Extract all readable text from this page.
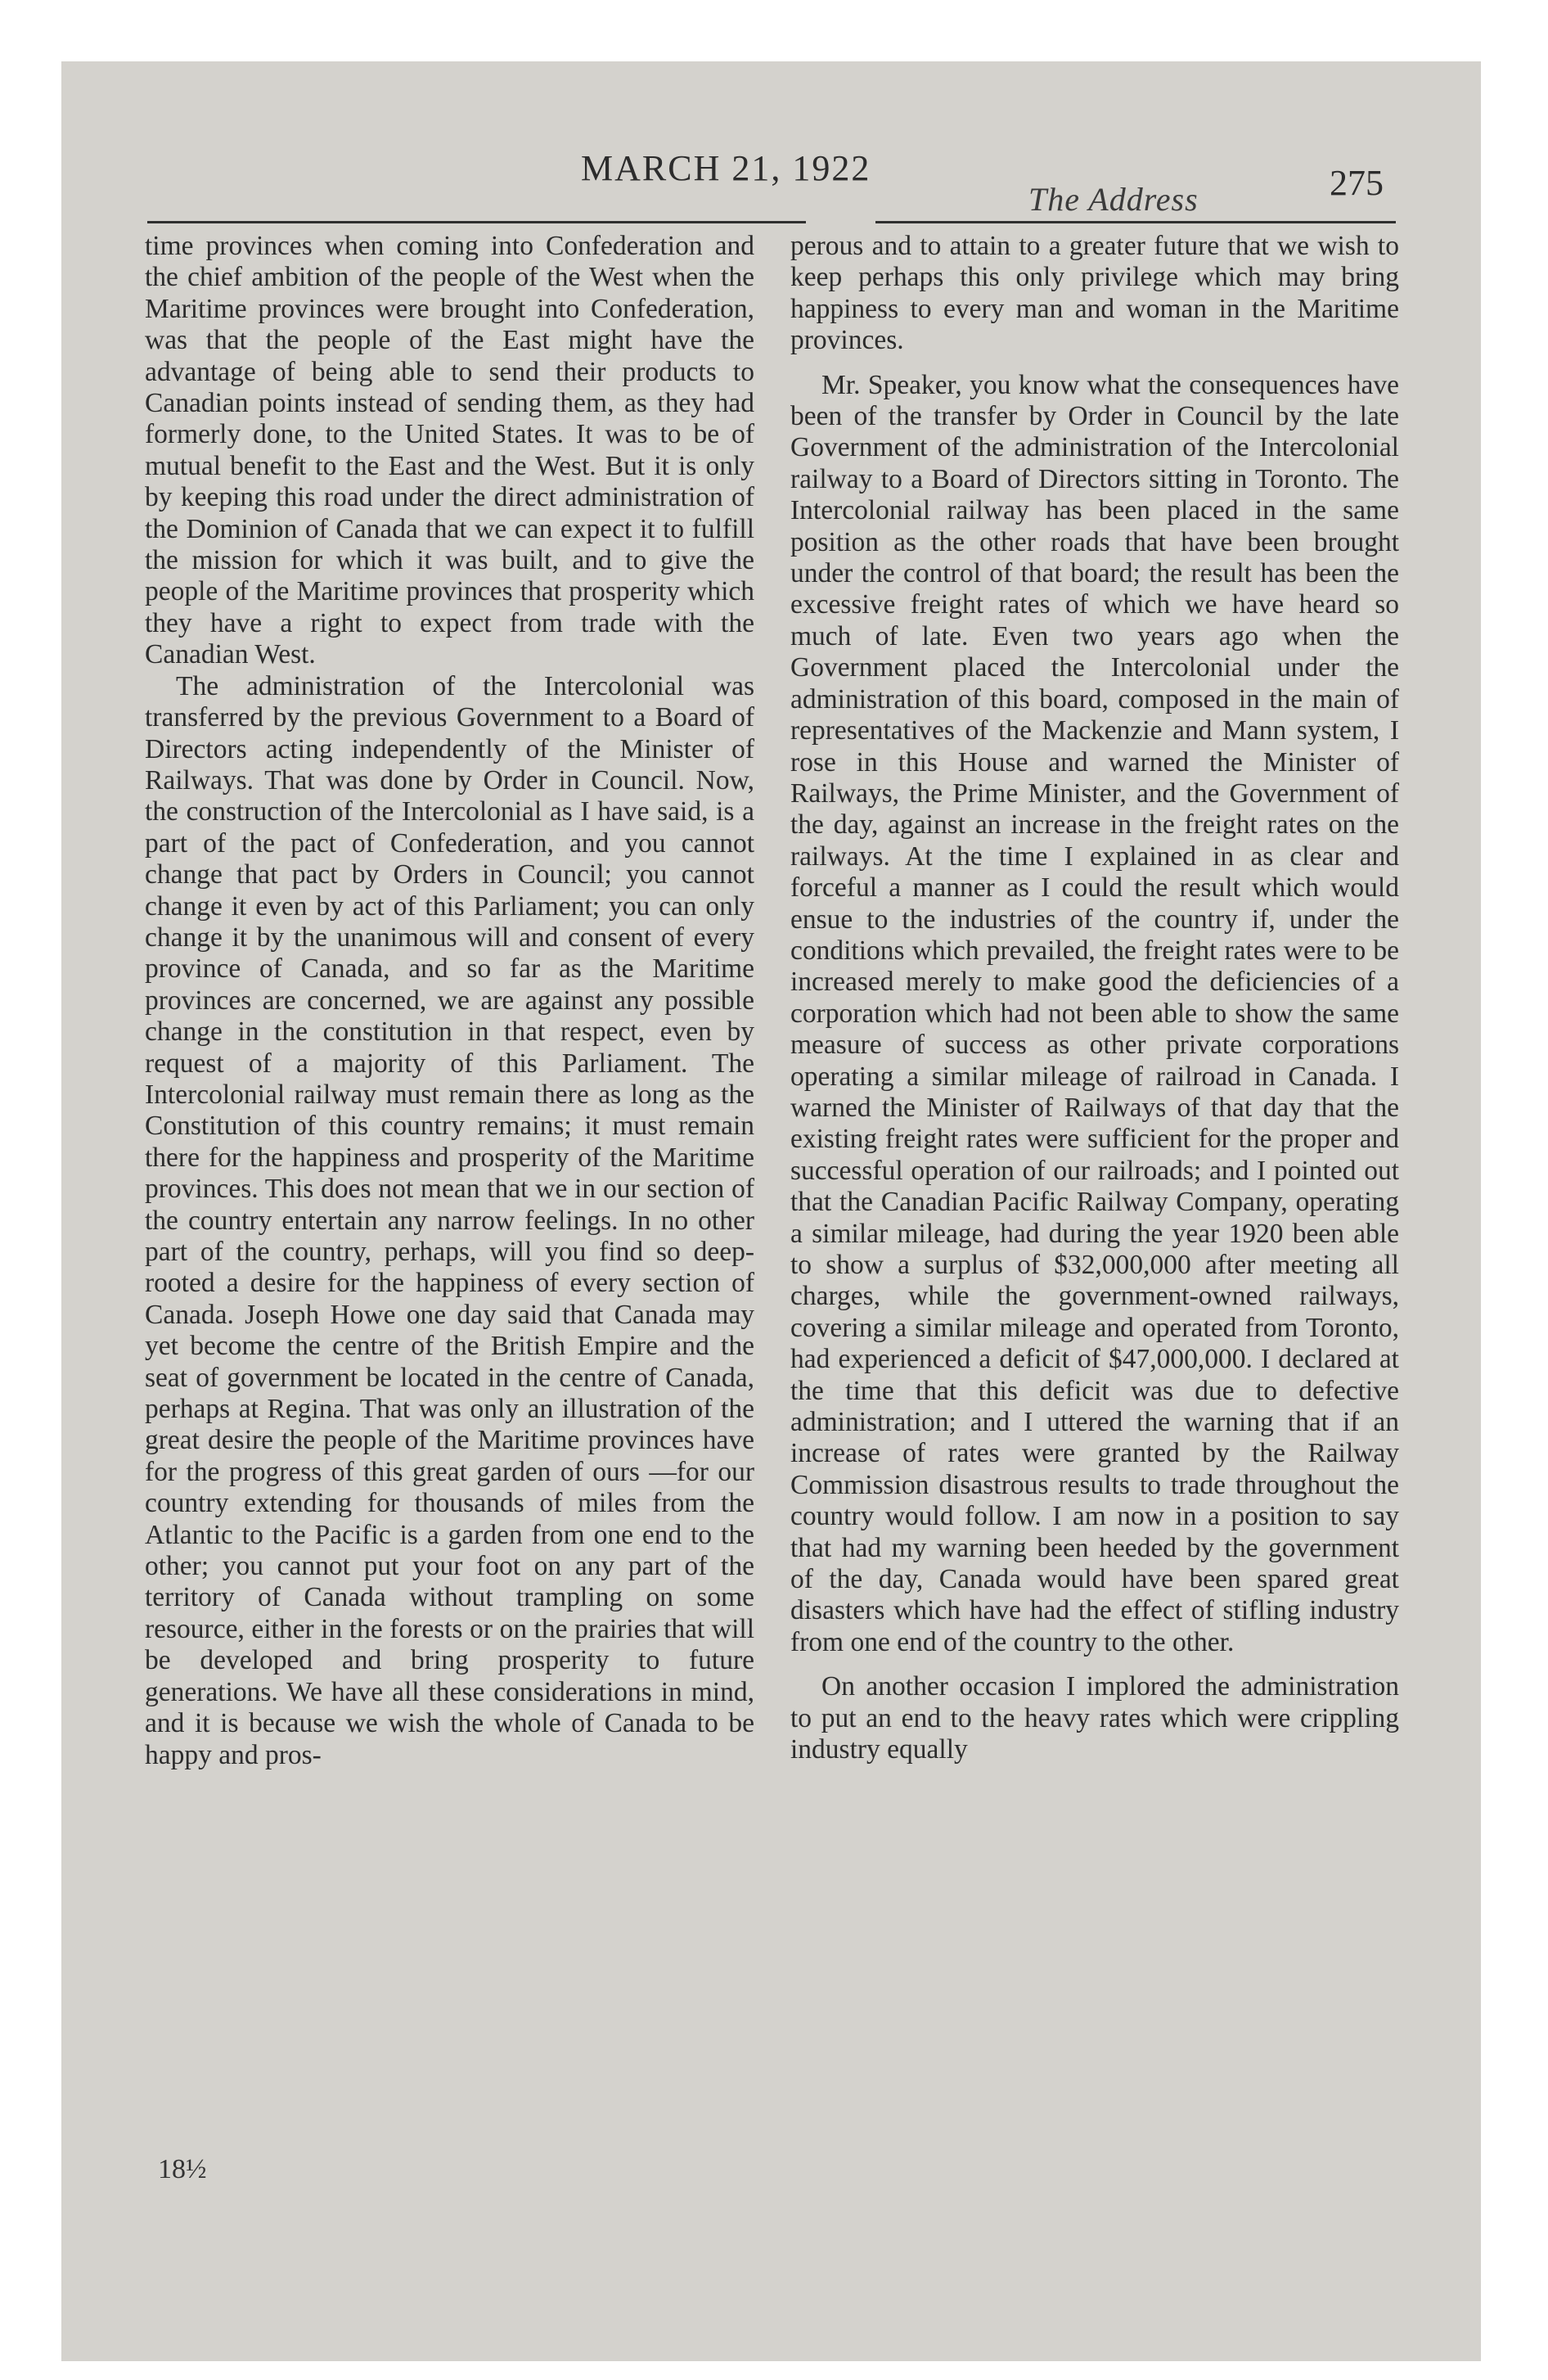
MARCH 21, 1922
The Address	275

time provinces when coming into Confederation and the chief ambition of the people of the West when the Maritime provinces were brought into Confederation, was that the people of the East might have the advantage of being able to send their products to Canadian points instead of sending them, as they had formerly done, to the United States. It was to be of mutual benefit to the East and the West. But it is only by keeping this road under the direct administration of the Dominion of Canada that we can expect it to fulfill the mission for which it was built, and to give the people of the Maritime provinces that prosperity which they have a right to expect from trade with the Canadian West.

The administration of the Intercolonial was transferred by the previous Government to a Board of Directors acting independently of the Minister of Railways. That was done by Order in Council. Now, the construction of the Intercolonial as I have said, is a part of the pact of Confederation, and you cannot change that pact by Orders in Council; you cannot change it even by act of this Parliament; you can only change it by the unanimous will and consent of every province of Canada, and so far as the Maritime provinces are concerned, we are against any possible change in the constitution in that respect, even by request of a majority of this Parliament. The Intercolonial railway must remain there as long as the Constitution of this country remains; it must remain there for the happiness and prosperity of the Maritime provinces. This does not mean that we in our section of the country entertain any narrow feelings. In no other part of the country, perhaps, will you find so deep-rooted a desire for the happiness of every section of Canada. Joseph Howe one day said that Canada may yet become the centre of the British Empire and the seat of government be located in the centre of Canada, perhaps at Regina. That was only an illustration of the great desire the people of the Maritime provinces have for the progress of this great garden of ours —for our country extending for thousands of miles from the Atlantic to the Pacific is a garden from one end to the other; you cannot put your foot on any part of the territory of Canada without trampling on some resource, either in the forests or on the prairies that will be developed and bring prosperity to future generations. We have all these considerations in mind, and it is because we wish the whole of Canada to be happy and pros-

perous and to attain to a greater future that we wish to keep perhaps this only privilege which may bring happiness to every man and woman in the Maritime provinces.

Mr. Speaker, you know what the consequences have been of the transfer by Order in Council by the late Government of the administration of the Intercolonial railway to a Board of Directors sitting in Toronto. The Intercolonial railway has been placed in the same position as the other roads that have been brought under the control of that board; the result has been the excessive freight rates of which we have heard so much of late. Even two years ago when the Government placed the Intercolonial under the administration of this board, composed in the main of representatives of the Mackenzie and Mann system, I rose in this House and warned the Minister of Railways, the Prime Minister, and the Government of the day, against an increase in the freight rates on the railways. At the time I explained in as clear and forceful a manner as I could the result which would ensue to the industries of the country if, under the conditions which prevailed, the freight rates were to be increased merely to make good the deficiencies of a corporation which had not been able to show the same measure of success as other private corporations operating a similar mileage of railroad in Canada. I warned the Minister of Railways of that day that the existing freight rates were sufficient for the proper and successful operation of our railroads; and I pointed out that the Canadian Pacific Railway Company, operating a similar mileage, had during the year 1920 been able to show a surplus of $32,000,000 after meeting all charges, while the government-owned railways, covering a similar mileage and operated from Toronto, had experienced a deficit of $47,000,000. I declared at the time that this deficit was due to defective administration; and I uttered the warning that if an increase of rates were granted by the Railway Commission disastrous results to trade throughout the country would follow. I am now in a position to say that had my warning been heeded by the government of the day, Canada would have been spared great disasters which have had the effect of stifling industry from one end of the country to the other.

On another occasion I implored the administration to put an end to the heavy rates which were crippling industry equally

18½
